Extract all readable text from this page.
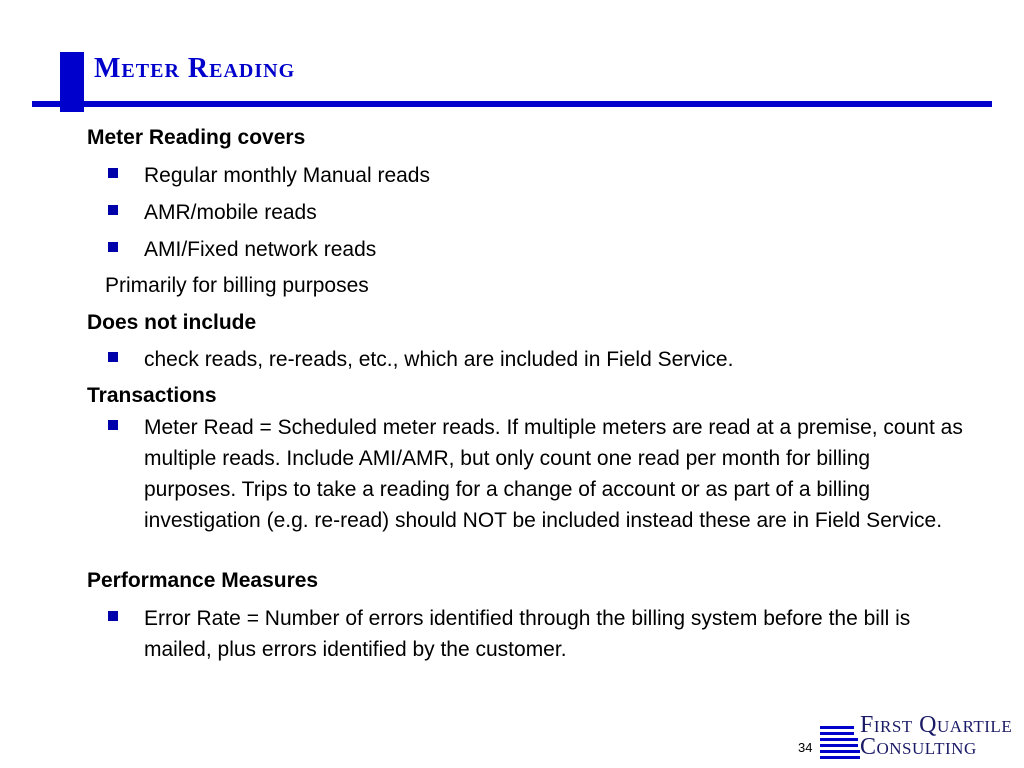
Meter Reading
Meter Reading covers
Regular monthly Manual reads
AMR/mobile reads
AMI/Fixed network reads
Primarily for billing purposes
Does not include
check reads, re-reads, etc., which are included in Field Service.
Transactions
Meter Read = Scheduled meter reads. If multiple meters are read at a premise, count as multiple reads. Include AMI/AMR, but only count one read per month for billing purposes. Trips to take a reading for a change of account or as part of a billing investigation (e.g. re-read) should NOT be included instead these are in Field Service.
Performance Measures
Error Rate = Number of errors identified through the billing system before the bill is mailed, plus errors identified by the customer.
34
First Quartile
Consulting
